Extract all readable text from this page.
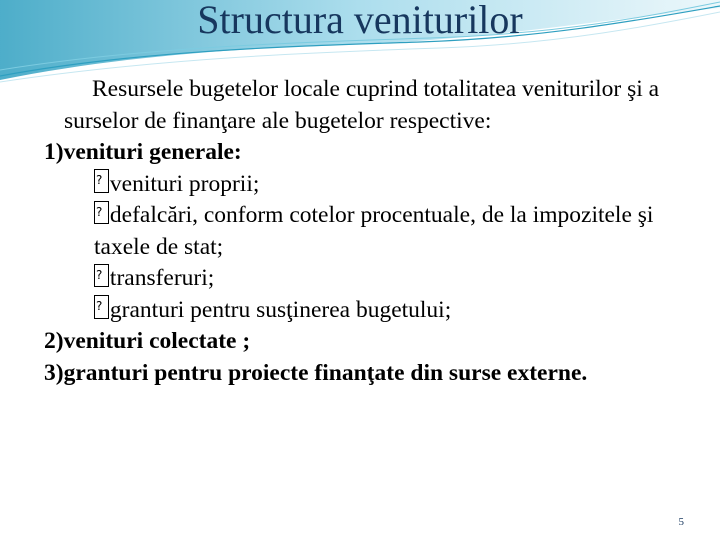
Structura veniturilor

Resursele bugetelor locale cuprind totalitatea veniturilor şi a surselor de finanţare ale bugetelor respective:

1)venituri generale:

?venituri proprii;

?defalcări, conform cotelor procentuale, de la impozitele şi taxele de stat;

?transferuri;

?granturi pentru susţinerea bugetului;

2)venituri colectate ;

3)granturi pentru proiecte finanţate din surse externe.

5
